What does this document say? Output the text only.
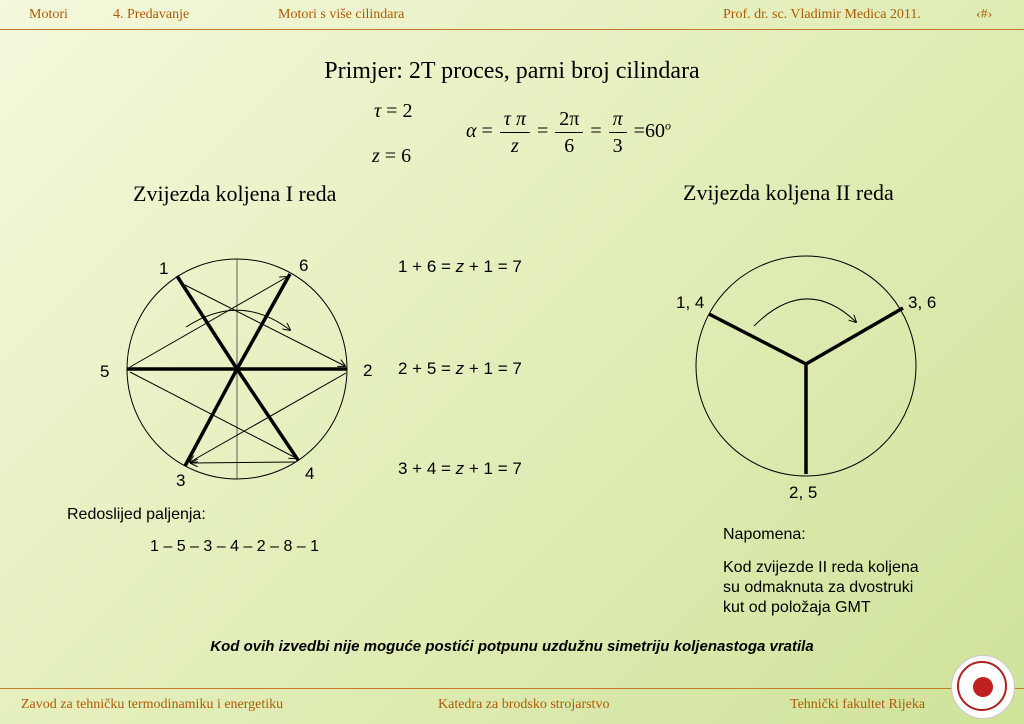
Motori	4. Predavanje	Motori s više cilindara	Prof. dr. sc. Vladimir Medica 2011.	‹#›
Primjer: 2T proces, parni broj cilindara
τ = 2
z = 6
$\alpha = \frac{\text{τ π}}{z} = \frac{2\pi}{6} = \frac{\pi}{3} =60^o$
Zvijezda koljena I reda	Zvijezda koljena II reda
1	6
5	2
3	4
1, 4	3, 6
2, 5
1 + 6 = z + 1 = 7
2 + 5 = z + 1 = 7
3 + 4 = z + 1 = 7
Redoslijed paljenja:
1 – 5 – 3 – 4 – 2 – 8 – 1
Napomena:
Kod zvijezde II reda koljena
su odmaknuta za dvostruki
kut od položaja GMT
Kod ovih izvedbi nije moguće postići potpunu uzdužnu simetriju koljenastoga vratila
Zavod za tehničku termodinamiku i energetiku	Katedra za brodsko strojarstvo	Tehnički fakultet Rijeka
